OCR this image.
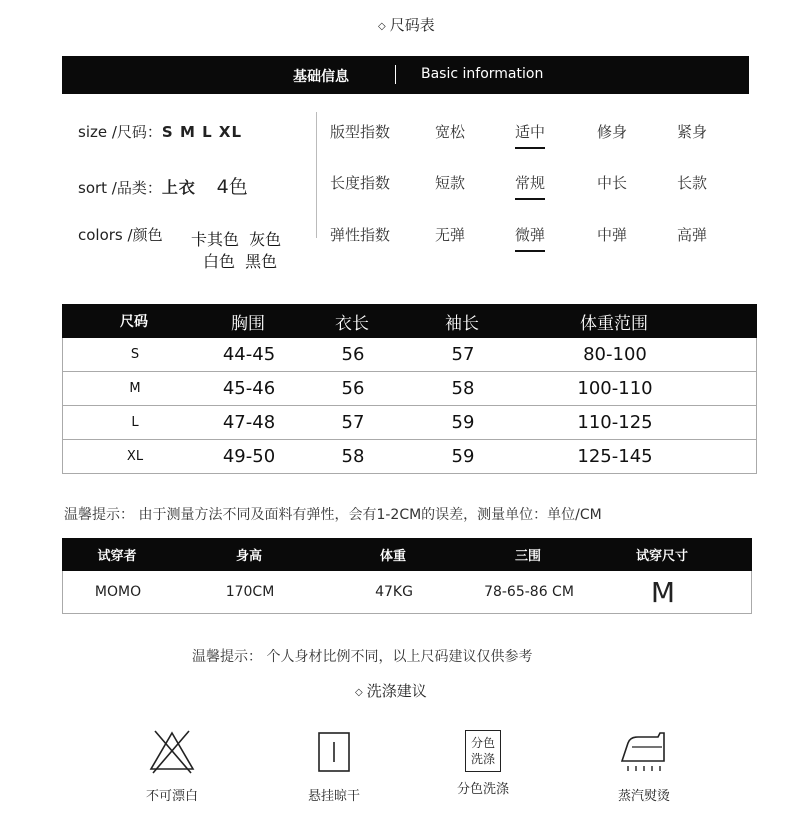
◇ 尺码表
基础信息	Basic information
size /尺码：S M L XL
sort /品类：上衣 4色
colors /颜色 卡其色  灰色
白色  黑色
版型指数	宽松	适中	修身	紧身
长度指数	短款	常规	中长	长款
弹性指数	无弹	微弹	中弹	高弹
尺码	胸围	衣长	袖长	体重范围
S	44-45	56	57	80-100
M	45-46	56	58	100-110
L	47-48	57	59	110-125
XL	49-50	58	59	125-145
温馨提示： 由于测量方法不同及面料有弹性，会有1-2CM的误差，测量单位：单位/CM
试穿者	身高	体重	三围	试穿尺寸
MOMO	170CM	47KG	78-65-86 CM	M
温馨提示： 个人身材比例不同，以上尺码建议仅供参考
◇ 洗涤建议
不可漂白	悬挂晾干
分色
洗涤
分色洗涤	蒸汽熨烫
